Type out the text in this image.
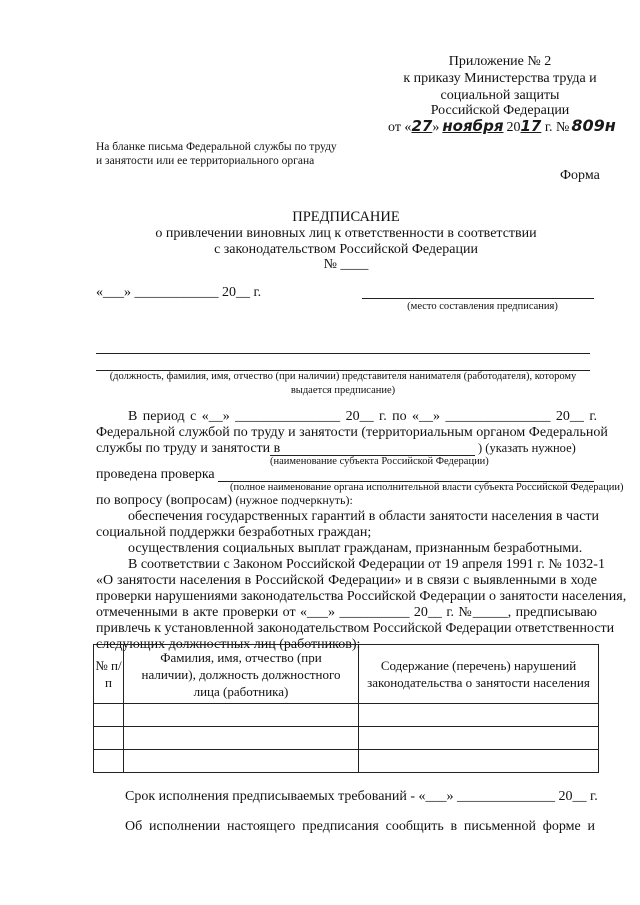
Приложение № 2
к приказу Министерства труда и
социальной защиты
Российской Федерации
от «27» ноября 2017 г. № 809н
На бланке письма Федеральной службы по труду
и занятости или ее территориального органа
Форма
ПРЕДПИСАНИЕ
о привлечении виновных лиц к ответственности в соответствии
с законодательством Российской Федерации
№ ____
«___» ____________ 20__ г.
(место составления предписания)
(должность, фамилия, имя, отчество (при наличии) представителя нанимателя (работодателя), которому
выдается предписание)
В период с «__» _______________ 20__ г. по «__» _______________ 20__ г.
Федеральной службой по труду и занятости (территориальным органом Федеральной
службы по труду и занятости в	) (указать нужное)
(наименование субъекта Российской Федерации)
проведена проверка
(полное наименование органа исполнительной власти субъекта Российской Федерации)
по вопросу (вопросам) (нужное подчеркнуть):
обеспечения государственных гарантий в области занятости населения в части
социальной поддержки безработных граждан;
осуществления социальных выплат гражданам, признанным безработными.
В соответствии с Законом Российской Федерации от 19 апреля 1991 г. № 1032-1
«О занятости населения в Российской Федерации» и в связи с выявленными в ходе
проверки нарушениями законодательства Российской Федерации о занятости населения,
отмеченными в акте проверки от «___» __________ 20__ г. №_____, предписываю
привлечь к установленной законодательством Российской Федерации ответственности
следующих должностных лиц (работников):
№ п/п	Фамилия, имя, отчество (при наличии), должность должностного лица (работника)	Содержание (перечень) нарушений законодательства о занятости населения

Срок исполнения предписываемых требований - «___» ______________ 20__ г.
Об исполнении настоящего предписания сообщить в письменной форме и
